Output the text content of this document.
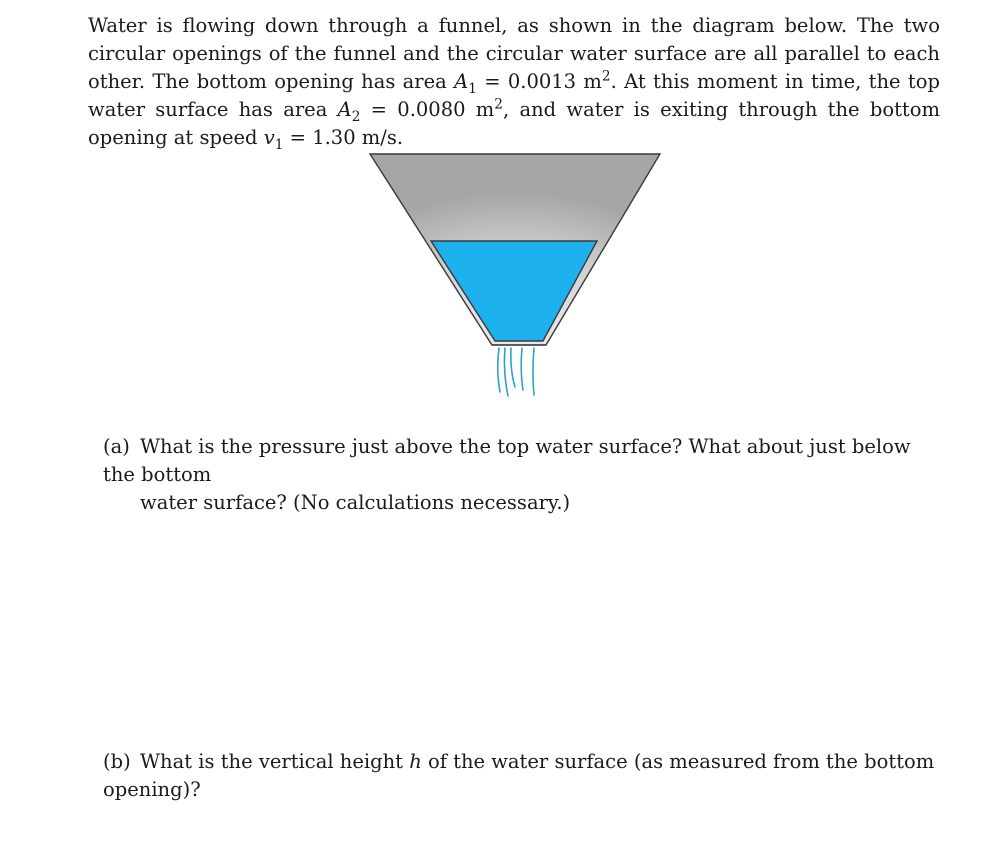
Water is flowing down through a funnel, as shown in the diagram below. The two circular openings of the funnel and the circular water surface are all parallel to each other. The bottom opening has area $A_1 = 0.0013$ $m^2$. At this moment in time, the top water surface has area $A_2 = 0.0080$ $m^2$, and water is exiting through the bottom opening at speed $v_1 = 1.30$ m/s.

(a) What is the pressure just above the top water surface? What about just below the bottom
water surface? (No calculations necessary.)

(b) What is the vertical height h of the water surface (as measured from the bottom opening)?
